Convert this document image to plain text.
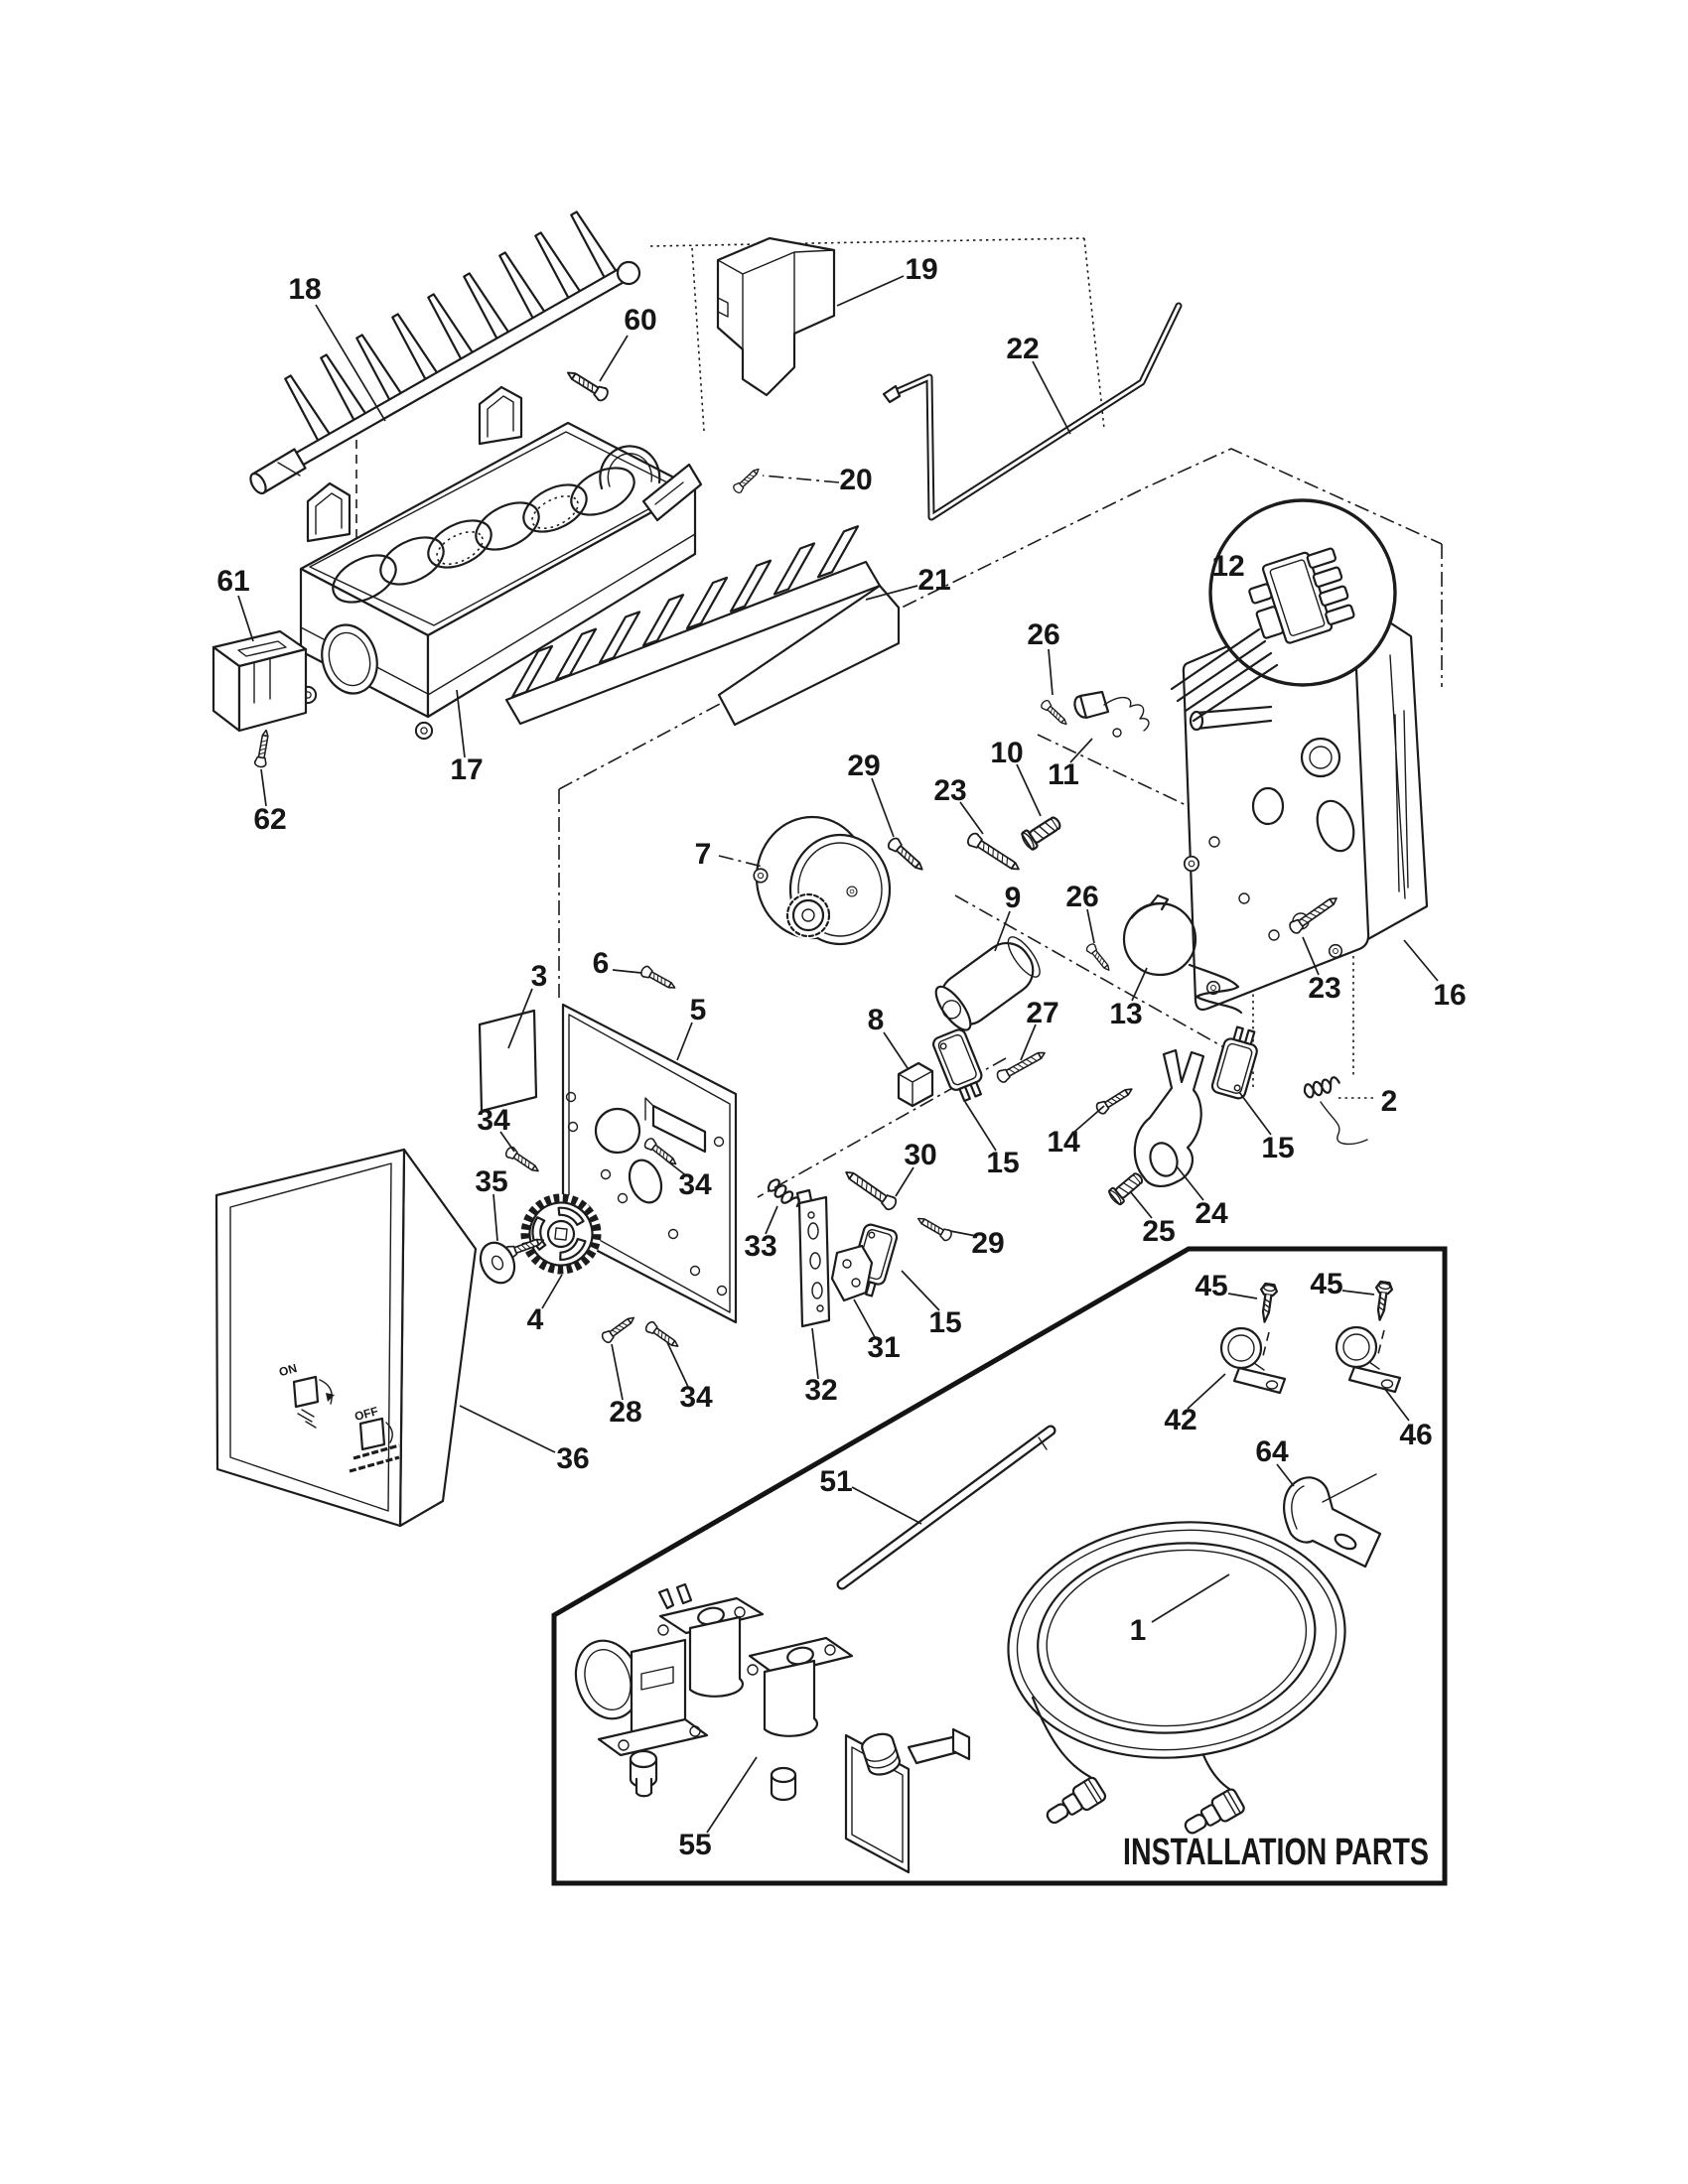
ON
OFF
INSTALLATION PARTS
18
60
19
22
20
21
61
62
17
12
26
10
11
29
23
7
9 26
13
23	16
2
3 6
5	8	27
14
15	15
24
25
30
29
33
34
34
15
31
32
28 34
4
35
36
45	45
42	46
64
51
1
55
